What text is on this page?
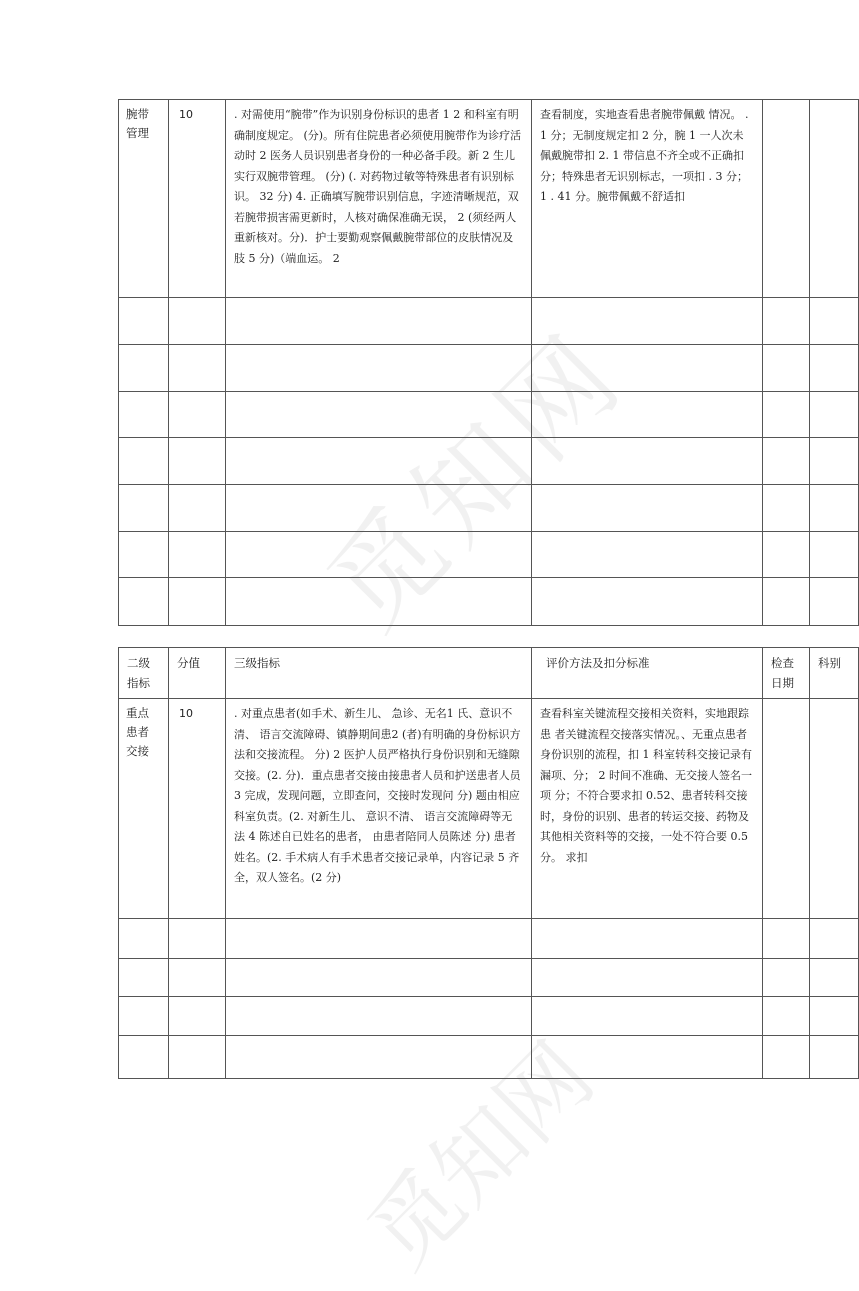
觅知网
觅知网
腕带管理	10	. 对需使用“腕带”作为识别身份标识的患者 1 2 和科室有明确制度规定。 (分)。所有住院患者必须使用腕带作为诊疗活动时 2 医务人员识别患者身份的一种必备手段。新 2 生儿实行双腕带管理。 (分) (. 对药物过敏等特殊患者有识别标识。 32 分) 4. 正确填写腕带识别信息，字迹清晰规范，双若腕带损害需更新时，人核对确保准确无误， 2 (须经两人重新核对。分)．护士要勤观察佩戴腕带部位的皮肤情况及肢 5 分)（端血运。 2	查看制度，实地查看患者腕带佩戴 情况。 . 1 分；无制度规定扣 2 分，腕 1 一人次未佩戴腕带扣 2. 1 带信息不齐全或不正确扣 分；特殊患者无识别标志，一项扣 . 3 分； 1 . 41 分。腕带佩戴不舒适扣		

二级指标	分值	三级指标	评价方法及扣分标准	检查日期	科别
重点患者交接	10	. 对重点患者(如手术、新生儿、 急诊、无名1 氏、意识不清、 语言交流障碍、镇静期间患2 (者)有明确的身份标识方法和交接流程。 分) 2 医护人员严格执行身份识别和无缝隙交接。(2. 分)．重点患者交接由接患者人员和护送患者人员3 完成，发现问题，立即查问，交接时发现问 分) 题由相应科室负责。(2. 对新生儿、 意识不清、 语言交流障碍等无法 4 陈述自已姓名的患者， 由患者陪同人员陈述 分) 患者姓名。(2. 手术病人有手术患者交接记录单，内容记录 5 齐全，双人签名。(2 分)	查看科室关键流程交接相关资料，实地跟踪患 者关键流程交接落实情况。、无重点患者身份识别的流程，扣 1 科室转科交接记录有漏项、分； 2 时间不准确、无交接人签名一项 分；不符合要求扣 0.52、患者转科交接时，身份的识别、患者的转运交接、药物及其他相关资料等的交接，一处不符合要 0.5 分。 求扣		
